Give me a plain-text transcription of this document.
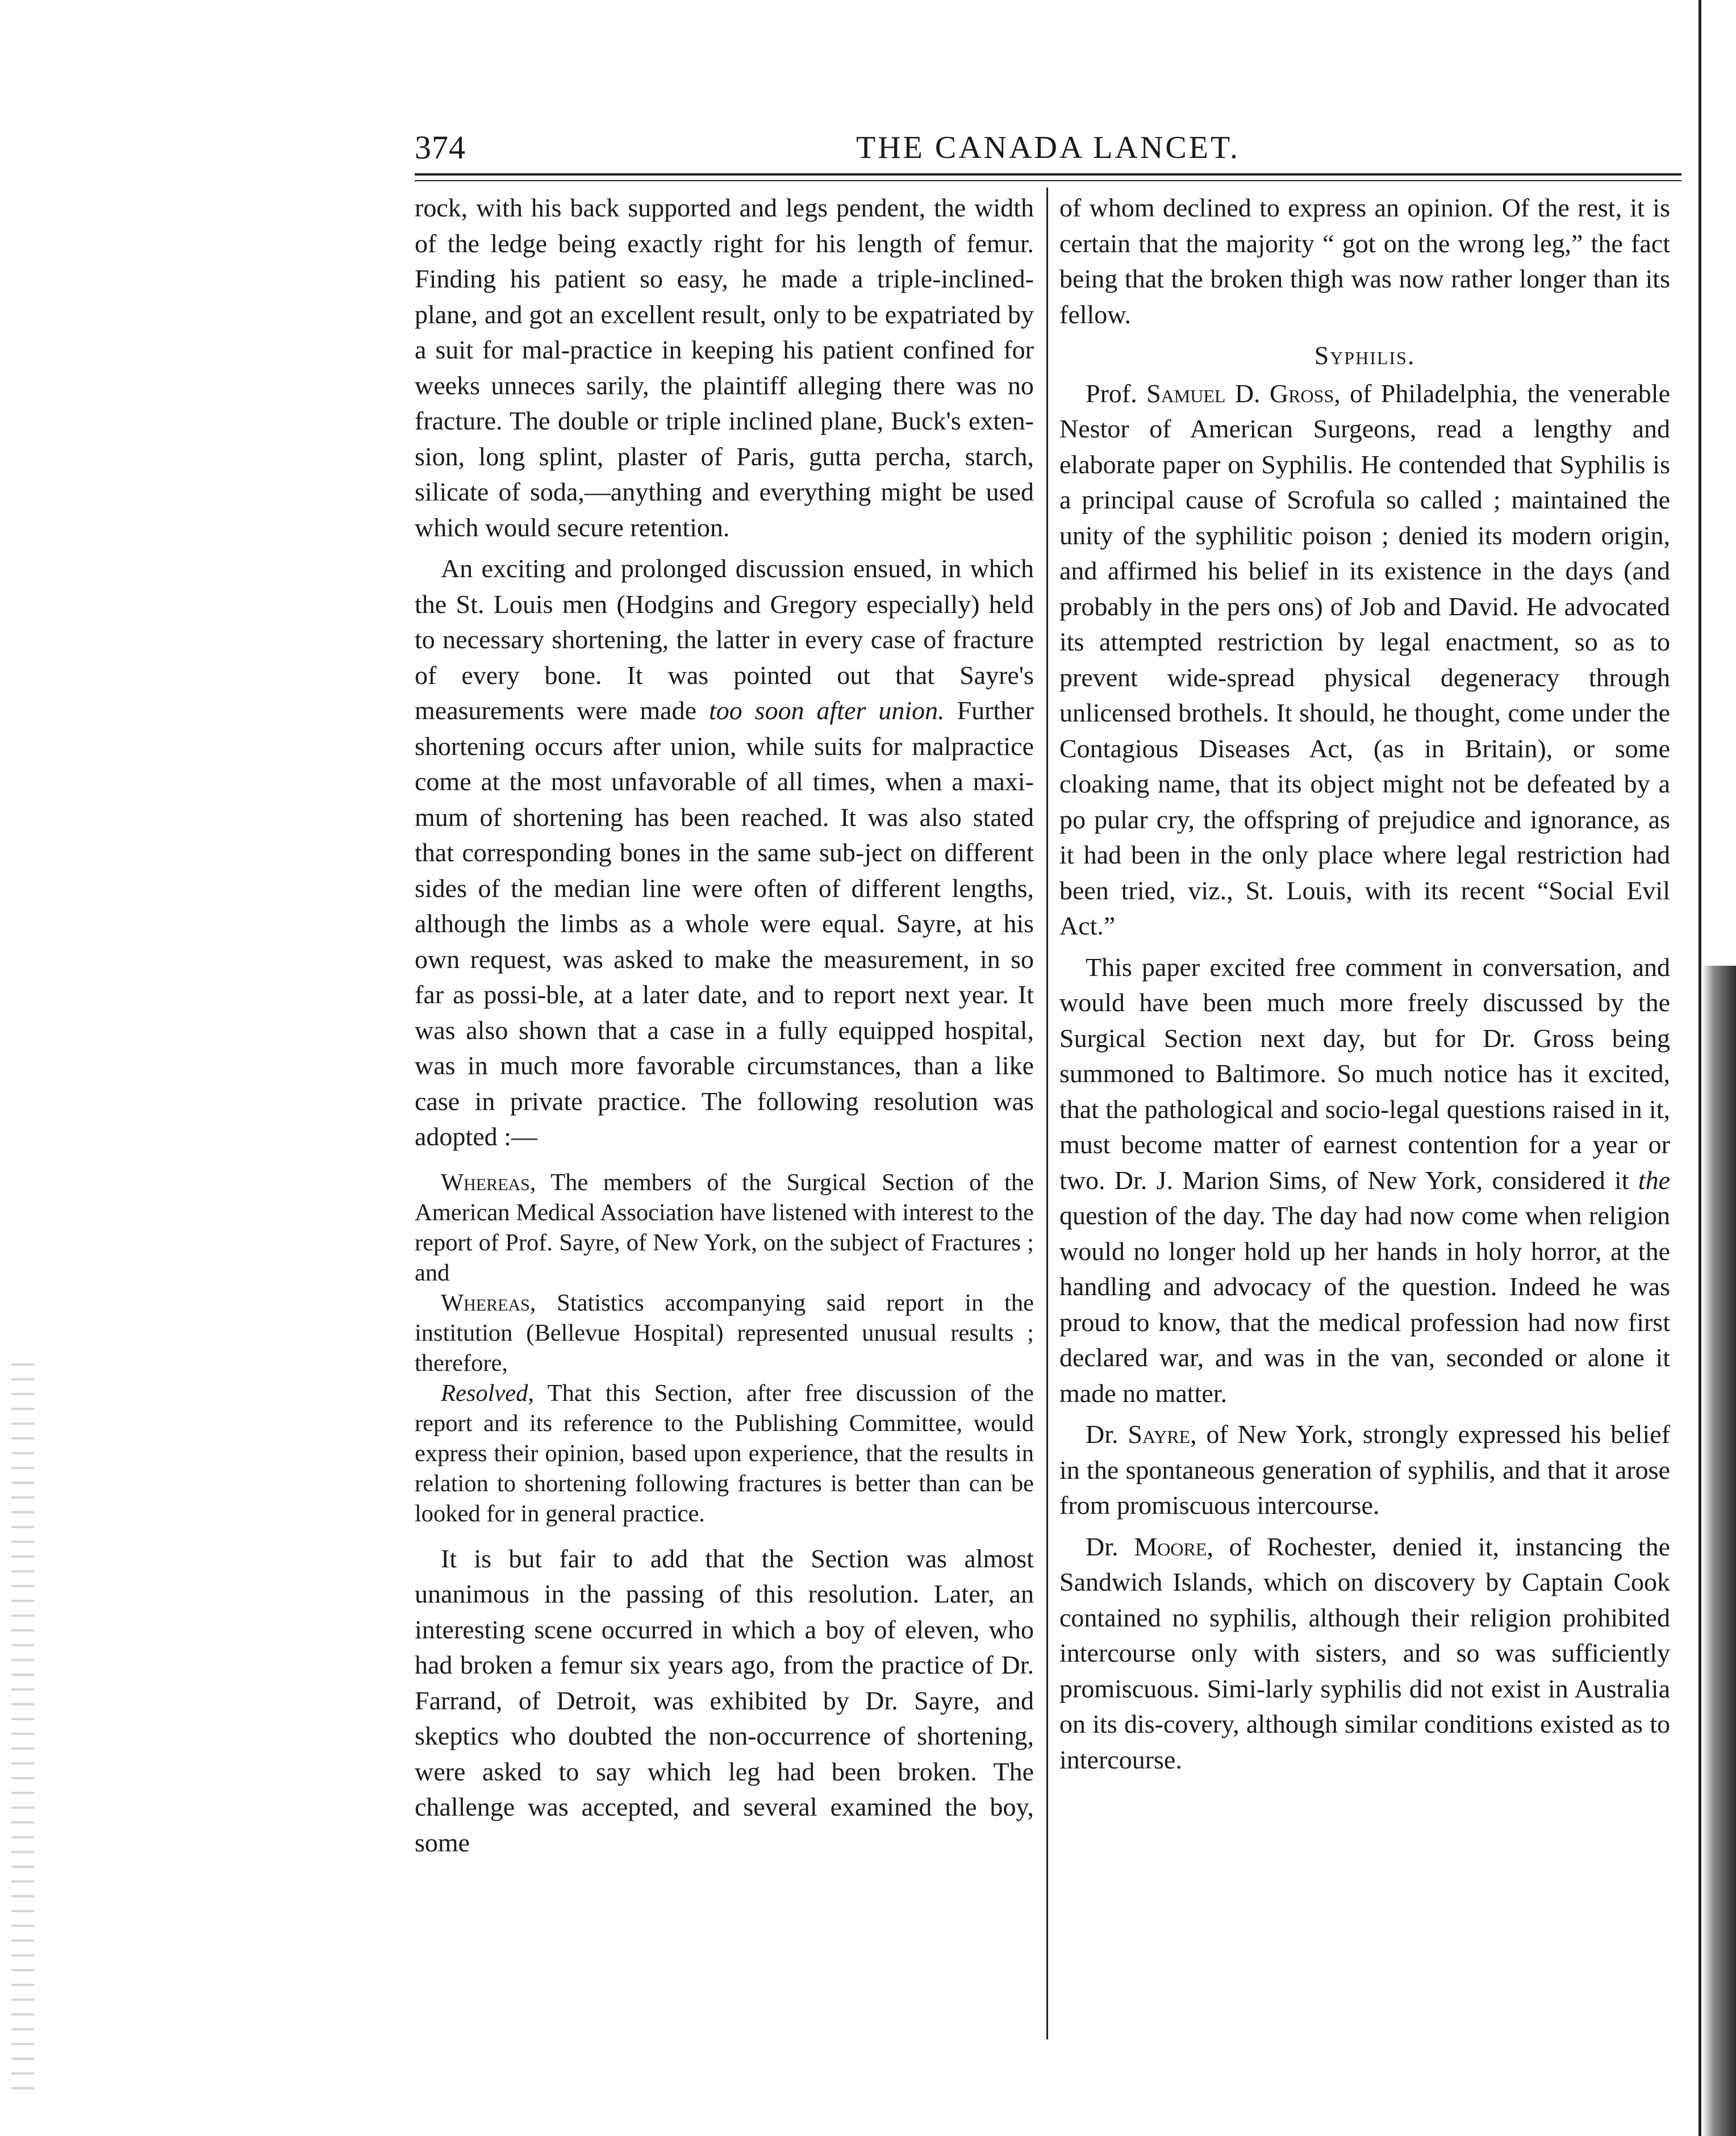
374	THE CANADA LANCET.

rock, with his back supported and legs pendent, the width of the ledge being exactly right for his length of femur. Finding his patient so easy, he made a triple-inclined-plane, and got an excellent result, only to be expatriated by a suit for mal-practice in keeping his patient confined for weeks unneces sarily, the plaintiff alleging there was no fracture. The double or triple inclined plane, Buck's exten-sion, long splint, plaster of Paris, gutta percha, starch, silicate of soda,—anything and everything might be used which would secure retention.

An exciting and prolonged discussion ensued, in which the St. Louis men (Hodgins and Gregory especially) held to necessary shortening, the latter in every case of fracture of every bone. It was pointed out that Sayre's measurements were made too soon after union. Further shortening occurs after union, while suits for malpractice come at the most unfavorable of all times, when a maxi-mum of shortening has been reached. It was also stated that corresponding bones in the same sub-ject on different sides of the median line were often of different lengths, although the limbs as a whole were equal. Sayre, at his own request, was asked to make the measurement, in so far as possi-ble, at a later date, and to report next year. It was also shown that a case in a fully equipped hospital, was in much more favorable circumstances, than a like case in private practice. The following resolution was adopted :—

Whereas, The members of the Surgical Section of the American Medical Association have listened with interest to the report of Prof. Sayre, of New York, on the subject of Fractures ; and

Whereas, Statistics accompanying said report in the institution (Bellevue Hospital) represented unusual results ; therefore,

Resolved, That this Section, after free discussion of the report and its reference to the Publishing Committee, would express their opinion, based upon experience, that the results in relation to shortening following fractures is better than can be looked for in general practice.

It is but fair to add that the Section was almost unanimous in the passing of this resolution. Later, an interesting scene occurred in which a boy of eleven, who had broken a femur six years ago, from the practice of Dr. Farrand, of Detroit, was exhibited by Dr. Sayre, and skeptics who doubted the non-occurrence of shortening, were asked to say which leg had been broken. The challenge was accepted, and several examined the boy, some

of whom declined to express an opinion. Of the rest, it is certain that the majority “ got on the wrong leg,” the fact being that the broken thigh was now rather longer than its fellow.

Syphilis.

Prof. Samuel D. Gross, of Philadelphia, the venerable Nestor of American Surgeons, read a lengthy and elaborate paper on Syphilis. He contended that Syphilis is a principal cause of Scrofula so called ; maintained the unity of the syphilitic poison ; denied its modern origin, and affirmed his belief in its existence in the days (and probably in the pers ons) of Job and David. He advocated its attempted restriction by legal enactment, so as to prevent wide-spread physical degeneracy through unlicensed brothels. It should, he thought, come under the Contagious Diseases Act, (as in Britain), or some cloaking name, that its object might not be defeated by a po pular cry, the offspring of prejudice and ignorance, as it had been in the only place where legal restriction had been tried, viz., St. Louis, with its recent “Social Evil Act.”

This paper excited free comment in conversation, and would have been much more freely discussed by the Surgical Section next day, but for Dr. Gross being summoned to Baltimore. So much notice has it excited, that the pathological and socio-legal questions raised in it, must become matter of earnest contention for a year or two. Dr. J. Marion Sims, of New York, considered it the question of the day. The day had now come when religion would no longer hold up her hands in holy horror, at the handling and advocacy of the question. Indeed he was proud to know, that the medical profession had now first declared war, and was in the van, seconded or alone it made no matter.

Dr. Sayre, of New York, strongly expressed his belief in the spontaneous generation of syphilis, and that it arose from promiscuous intercourse.

Dr. Moore, of Rochester, denied it, instancing the Sandwich Islands, which on discovery by Captain Cook contained no syphilis, although their religion prohibited intercourse only with sisters, and so was sufficiently promiscuous. Simi-larly syphilis did not exist in Australia on its dis-covery, although similar conditions existed as to intercourse.
